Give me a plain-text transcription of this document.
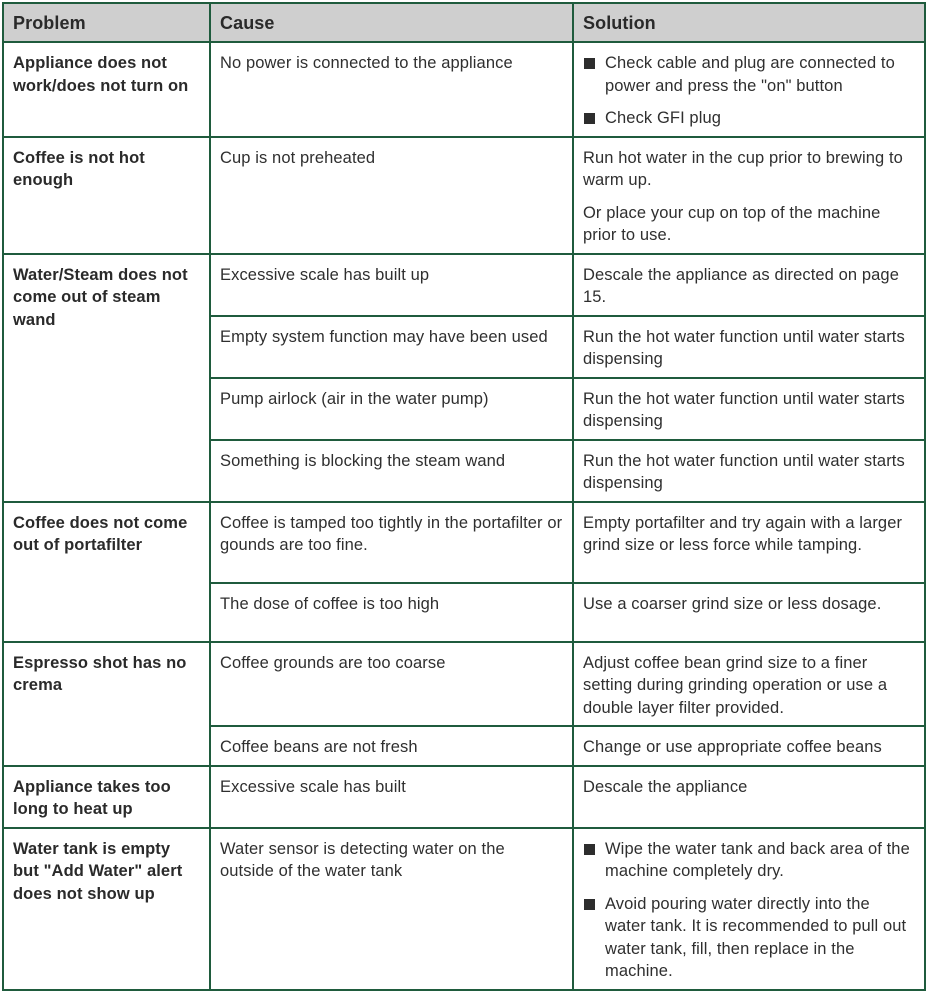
Problem	Cause	Solution
Appliance does not work/does not turn on	No power is connected to the appliance	Check cable and plug are connected to power and press the "on" button
Check GFI plug

Coffee is not hot enough	Cup is not preheated	Run hot water in the cup prior to brewing to warm up.

Or place your cup on top of the machine prior to use.

Water/Steam does not come out of steam wand	Excessive scale has built up	Descale the appliance as directed on page 15.
	Empty system function may have been used	Run the hot water function until water starts dispensing
	Pump airlock (air in the water pump)	Run the hot water function until water starts dispensing
	Something is blocking the steam wand	Run the hot water function until water starts dispensing
Coffee does not come out of portafilter	Coffee is tamped too tightly in the portafilter or gounds are too fine.	Empty portafilter and try again with a larger grind size or less force while tamping.
	The dose of coffee is too high	Use a coarser grind size or less dosage.
Espresso shot has no crema	Coffee grounds are too coarse	Adjust coffee bean grind size to a finer setting during grinding operation or use a double layer filter provided.
	Coffee beans are not fresh	Change or use appropriate coffee beans
Appliance takes too long to heat up	Excessive scale has built	Descale the appliance
Water tank is empty but "Add Water" alert does not show up	Water sensor is detecting water on the outside of the water tank	Wipe the water tank and back area of the machine completely dry.
Avoid pouring water directly into the water tank. It is recommended to pull out water tank, fill, then replace in the machine.
